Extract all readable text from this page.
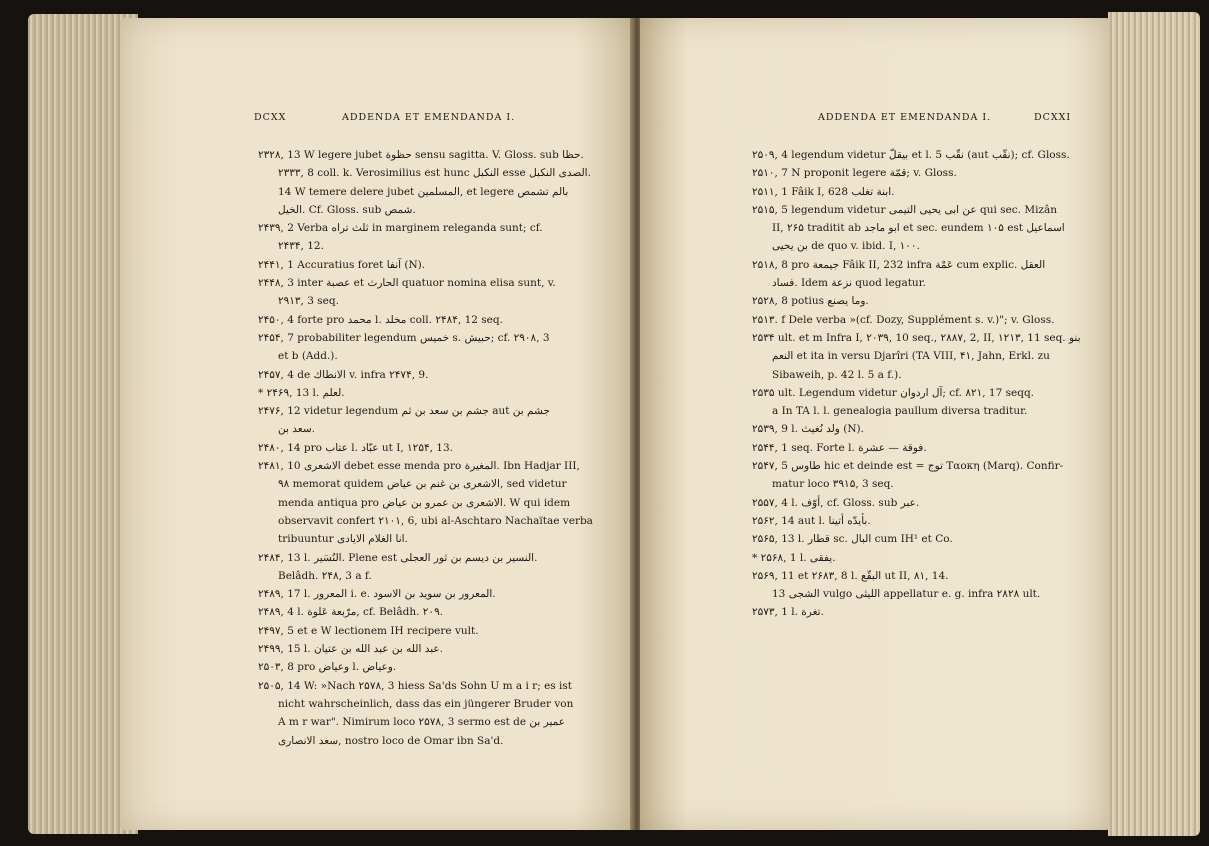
DCXX	ADDENDA ET EMENDANDA I.
۲۳۲۸, 13 W legere jubet حظوة sensu sagitta. V. Gloss. sub حظا.
۲۳۳۳, 8 coll. k. Verosimilius est hunc النكبل esse الصدى النكبل.
14 W temere delere jubet المسلمين, et legere بالم تشمص
الخيل. Cf. Gloss. sub شمص.
۲۴۳۹, 2 Verba ثلث تراه in marginem releganda sunt; cf.
۲۴۳۴, 12.
۲۴۴۱, 1 Accuratius foret آنفا (N).
۲۴۴۸, 3 inter عصبة et الحارث quatuor nomina elisa sunt, v.
۲۹۱۳, 3 seq.
۲۴۵۰, 4 forte pro محمد l. مخلد coll. ۲۴۸۴, 12 seq.
۲۴۵۴, 7 probabiliter legendum خميس s. حبيش; cf. ۲۹۰۸, 3
et b (Add.).
۲۴۵۷, 4 de الانطاك v. infra ۲۴۷۴, 9.
* ۲۴۶۹, 13 l. لعلم.
۲۴۷۶, 12 videtur legendum جشم بن سعد بن ثم aut جشم بن
سعد بن.
۲۴۸۰, 14 pro عتاب l. عبّاد ut I, ۱۲۵۴, 13.
۲۴۸۱, 10 الاشعرى debet esse menda pro المغيرة. Ibn Hadjar III,
۹۸ memorat quidem الاشعرى بن غنم بن عياض, sed videtur
menda antiqua pro الاشعرى بن عمرو بن عياض. W qui idem
observavit confert ۲۱۰۱, 6, ubi al-Aschtaro Nachaïtae verba
tribuuntur انا الغلام الايادى.
۲۴۸۴, 13 l. النُسَير. Plene est النسير بن ديسم بن ثور العجلى.
Belâdh. ۲۴۸, 3 a f.
۲۴۸۹, 17 l. المعرور i. e. المعرور بن سويد بن الاسود.
۲۴۸۹, 4 l. مرّبعة عَلوة, cf. Belâdh. ۲۰۹.
۲۴۹۷, 5 et e W lectionem IH recipere vult.
۲۴۹۹, 15 l. عبد الله بن عبد الله بن عتيان.
۲۵۰۳, 8 pro وعياض l. وعياض.
۲۵۰۵, 14 W: »Nach ۲۵۷۸, 3 hiess Sa'ds Sohn U m a i r; es ist
nicht wahrscheinlich, dass das ein jüngerer Bruder von
A m r war". Nimirum loco ۲۵۷۸, 3 sermo est de عمير بن
سعد الانصارى, nostro loco de Omar ibn Sa'd.
ADDENDA ET EMENDANDA I.	DCXXI
۲۵۰۹, 4 legendum videtur بيقلّ et l. 5 نقّب (aut نقّب); cf. Gloss.
۲۵۱۰, 7 N proponit legere قمّة; v. Gloss.
۲۵۱۱, 1 Fâik I, 628 ابنة تغلب.
۲۵۱۵, 5 legendum videtur عن ابى يحيى التيمى qui sec. Mizân
II, ۲۶۵ traditit ab ابو ماجد et sec. eundem ۱۰۵ est اسماعيل
بن يحيى de quo v. ibid. I, ۱۰۰.
۲۵۱۸, 8 pro جيمعة Fâik II, 232 infra عَمْة cum explic. العقل
فساد. Idem نزعة quod legatur.
۲۵۲۸, 8 potius وما يصنع.
۲۵۱۳. f Dele verba »(cf. Dozy, Supplément s. v.)"; v. Gloss.
۲۵۳۴ ult. et m Infra I, ۲۰۳۹, 10 seq., ۲۸۸۷, 2, II, ۱۲۱۳, 11 seq. بنو
النعم et ita in versu Djarîri (TA VIII, ۴۱, Jahn, Erkl. zu
Sibaweih, p. 42 l. 5 a f.).
۲۵۳۵ ult. Legendum videtur آل اردوان; cf. ۸۲۱, 17 seqq.
a In TA l. l. genealogia paullum diversa traditur.
۲۵۳۹, 9 l. ولد نُغيث (N).
۲۵۴۴, 1 seq. Forte l. فوقة — عشرة.
۲۵۴۷, 5 طاوس hic et deinde est = توج Ταοκη (Marq). Confir-
matur loco ۳۹۱۵, 3 seq.
۲۵۵۷, 4 l. أوّف, cf. Gloss. sub عبر.
۲۵۶۲, 14 aut l. بأيدّه أتينا.
۲۵۶۵, 13 l. قطار sc. البال cum IH¹ et Co.
* ۲۵۶۸, 1 l. يفقى.
۲۵۶۹, 11 et ۲۶۸۳, 8 l. البقّع ut II, ۸۱, 14.
13 الشجى vulgo الليثى appellatur e. g. infra ۲۸۲۸ ult.
۲۵۷۳, 1 l. تغرة.
